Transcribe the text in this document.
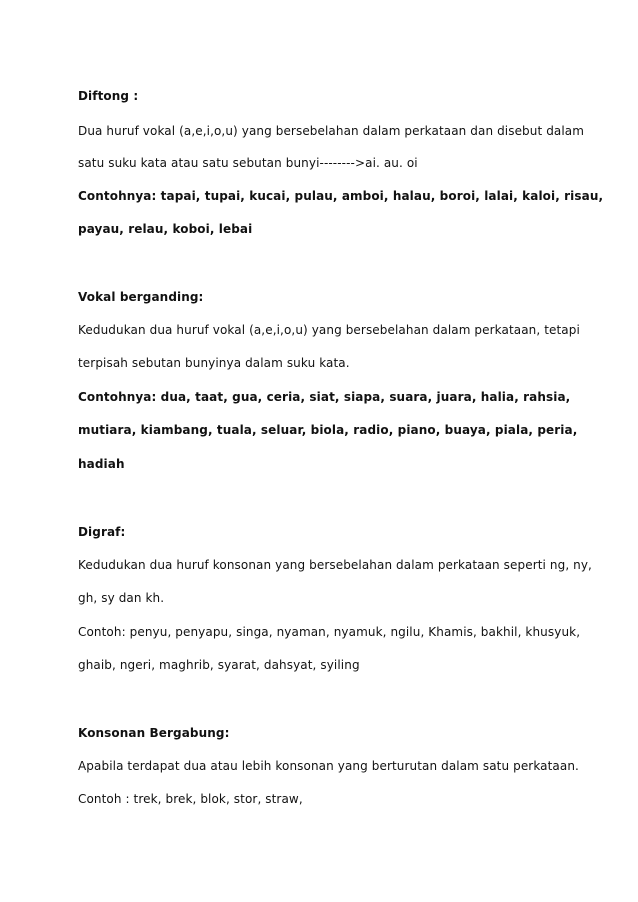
Diftong :
Dua huruf vokal (a,e,i,o,u) yang bersebelahan dalam perkataan dan disebut dalam
satu suku kata atau satu sebutan bunyi-------->ai. au. oi
Contohnya: tapai, tupai, kucai, pulau, amboi, halau, boroi, lalai, kaloi, risau,
payau, relau, koboi, lebai
Vokal berganding:
Kedudukan dua huruf vokal (a,e,i,o,u) yang bersebelahan dalam perkataan, tetapi
terpisah sebutan bunyinya dalam suku kata.
Contohnya: dua, taat, gua, ceria, siat, siapa, suara, juara, halia, rahsia,
mutiara, kiambang, tuala, seluar, biola, radio, piano, buaya, piala, peria,
hadiah
Digraf:
Kedudukan dua huruf konsonan yang bersebelahan dalam perkataan seperti ng, ny,
gh, sy dan kh.
Contoh: penyu, penyapu, singa, nyaman, nyamuk, ngilu, Khamis, bakhil, khusyuk,
ghaib, ngeri, maghrib, syarat, dahsyat, syiling
Konsonan Bergabung:
Apabila terdapat dua atau lebih konsonan yang berturutan dalam satu perkataan.
Contoh : trek, brek, blok, stor, straw,
